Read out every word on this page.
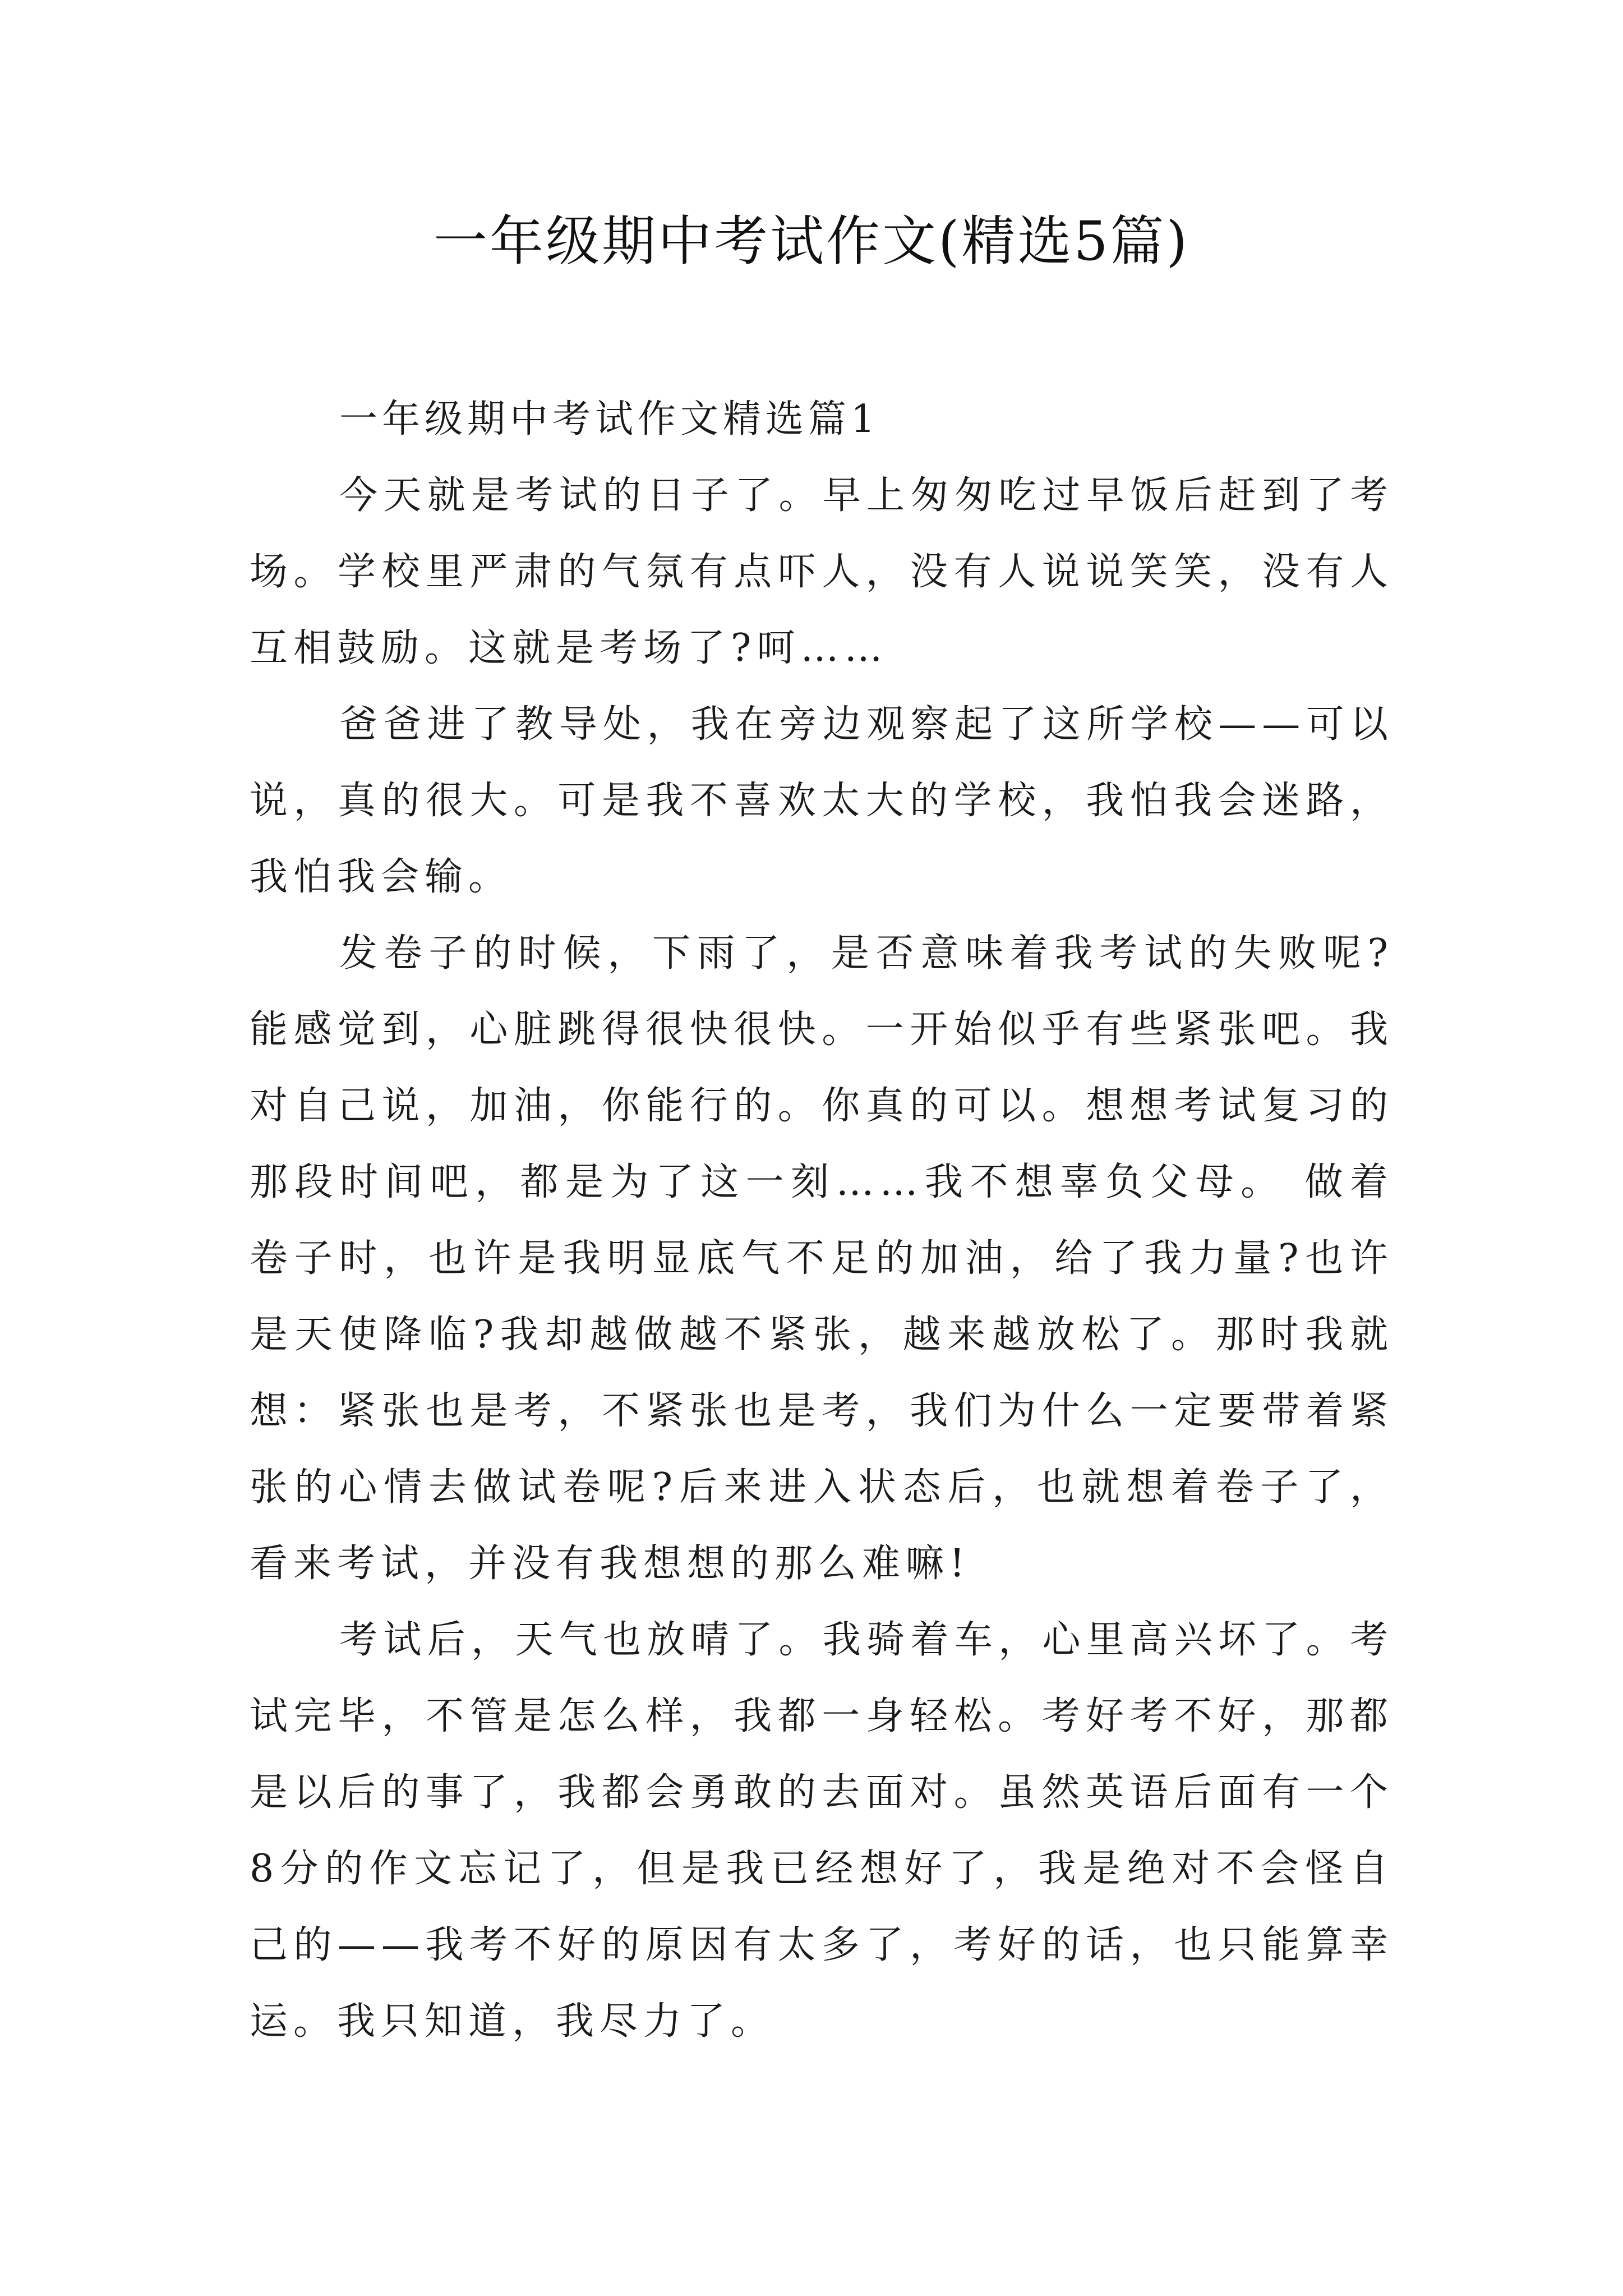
一年级期中考试作文(精选5篇)

一年级期中考试作文精选篇1

今天就是考试的日子了。早上匆匆吃过早饭后赶到了考场。学校里严肃的气氛有点吓人，没有人说说笑笑，没有人互相鼓励。这就是考场了?呵……

爸爸进了教导处，我在旁边观察起了这所学校——可以说，真的很大。可是我不喜欢太大的学校，我怕我会迷路，我怕我会输。

发卷子的时候，下雨了，是否意味着我考试的失败呢?能感觉到，心脏跳得很快很快。一开始似乎有些紧张吧。我对自己说，加油，你能行的。你真的可以。想想考试复习的那段时间吧，都是为了这一刻……我不想辜负父母。 做着卷子时，也许是我明显底气不足的加油，给了我力量?也许是天使降临?我却越做越不紧张，越来越放松了。那时我就想：紧张也是考，不紧张也是考，我们为什么一定要带着紧张的心情去做试卷呢?后来进入状态后，也就想着卷子了，看来考试，并没有我想想的那么难嘛!

考试后，天气也放晴了。我骑着车，心里高兴坏了。考试完毕，不管是怎么样，我都一身轻松。考好考不好，那都是以后的事了，我都会勇敢的去面对。虽然英语后面有一个8分的作文忘记了，但是我已经想好了，我是绝对不会怪自己的——我考不好的原因有太多了，考好的话，也只能算幸运。我只知道，我尽力了。
